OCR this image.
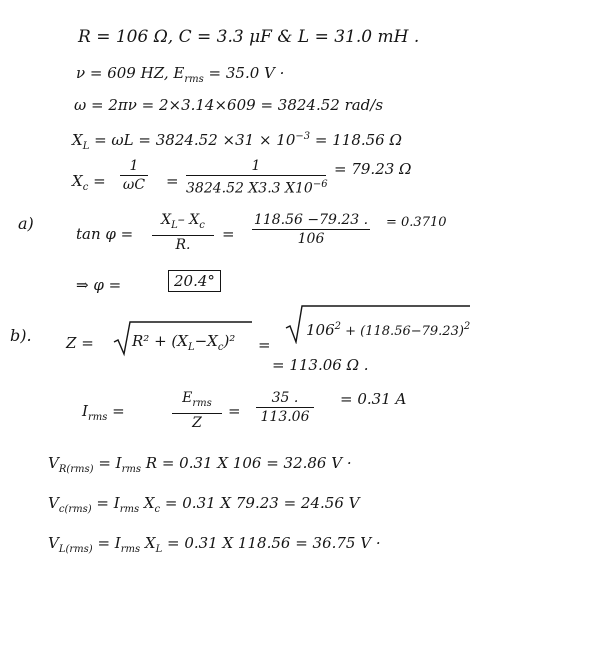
R = 106 Ω, C = 3.3 μF & L = 31.0 mH .
ν = 609 HZ, $E_{rms} = 35.0$ V ·
ω = 2πν = 2×3.14×609 = 3824.52 rad/s
$X_L = \omega L = 3824.52 \times 31 \times 10^{-3} = 118.56$ Ω
$X_c$ =
1
ωC =
1
3824.52 X3.3 $X10^{-6}$
= 79.23 Ω
a)
tan φ =
$X_L-$ $X_c$
R.
=
118.56 −79.23 .
106
= 0.3710
⇒ φ =	20.4°
b). Z =	$R^2 + (X_L-X_c)^2$ =
$106^2 + (118.56-79.23)^2$
= 113.06 Ω .
$I_{rms}$ =
$E_{rms}$
Z
=
35 .
113.06
= 0.31 A
$V_{R(rms)} = I_{rms}$ R = 0.31 X 106 = 32.86 V ·
$V_{c(rms)} = I_{rms}$ $X_c = 0.31$ X 79.23 = 24.56 V
$V_{L(rms)} = I_{rms}$ $X_L = 0.31$ X 118.56 = 36.75 V ·
